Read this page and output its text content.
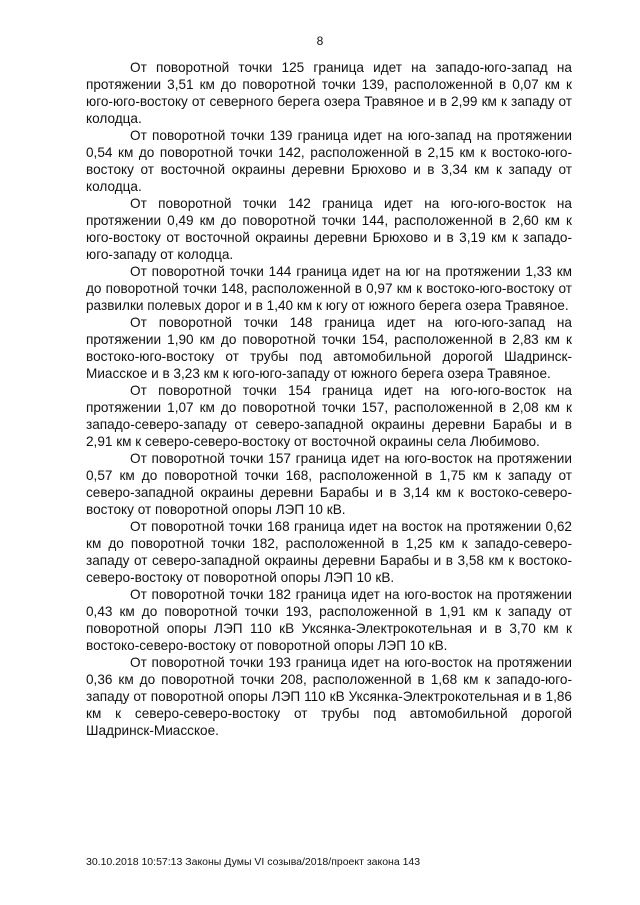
8

От поворотной точки 125 граница идет на западо-юго-запад на протяжении 3,51 км до поворотной точки 139, расположенной в 0,07 км к юго-юго-востоку от северного берега озера Травяное и в 2,99 км к западу от колодца.

От поворотной точки 139 граница идет на юго-запад на протяжении 0,54 км до поворотной точки 142, расположенной в 2,15 км к востоко-юго-востоку от восточной окраины деревни Брюхово и в 3,34 км к западу от колодца.

От поворотной точки 142 граница идет на юго-юго-восток на протяжении 0,49 км до поворотной точки 144, расположенной в 2,60 км к юго-востоку от восточной окраины деревни Брюхово и в 3,19 км к западо-юго-западу от колодца.

От поворотной точки 144 граница идет на юг на протяжении 1,33 км до поворотной точки 148, расположенной в 0,97 км к востоко-юго-востоку от развилки полевых дорог и в 1,40 км к югу от южного берега озера Травяное.

От поворотной точки 148 граница идет на юго-юго-запад на протяжении 1,90 км до поворотной точки 154, расположенной в 2,83 км к востоко-юго-востоку от трубы под автомобильной дорогой Шадринск-Миасское и в 3,23 км к юго-юго-западу от южного берега озера Травяное.

От поворотной точки 154 граница идет на юго-юго-восток на протяжении 1,07 км до поворотной точки 157, расположенной в 2,08 км к западо-северо-западу от северо-западной окраины деревни Барабы и в 2,91 км к северо-северо-востоку от восточной окраины села Любимово.

От поворотной точки 157 граница идет на юго-восток на протяжении 0,57 км до поворотной точки 168, расположенной в 1,75 км к западу от северо-западной окраины деревни Барабы и в 3,14 км к востоко-северо-востоку от поворотной опоры ЛЭП 10 кВ.

От поворотной точки 168 граница идет на восток на протяжении 0,62 км до поворотной точки 182, расположенной в 1,25 км к западо-северо-западу от северо-западной окраины деревни Барабы и в 3,58 км к востоко-северо-востоку от поворотной опоры ЛЭП 10 кВ.

От поворотной точки 182 граница идет на юго-восток на протяжении 0,43 км до поворотной точки 193, расположенной в 1,91 км к западу от поворотной опоры ЛЭП 110 кВ Уксянка-Электрокотельная и в 3,70 км к востоко-северо-востоку от поворотной опоры ЛЭП 10 кВ.

От поворотной точки 193 граница идет на юго-восток на протяжении 0,36 км до поворотной точки 208, расположенной в 1,68 км к западо-юго-западу от поворотной опоры ЛЭП 110 кВ Уксянка-Электрокотельная и в 1,86 км к северо-северо-востоку от трубы под автомобильной дорогой Шадринск-Миасское.

30.10.2018 10:57:13 Законы Думы VI созыва/2018/проект закона 143
